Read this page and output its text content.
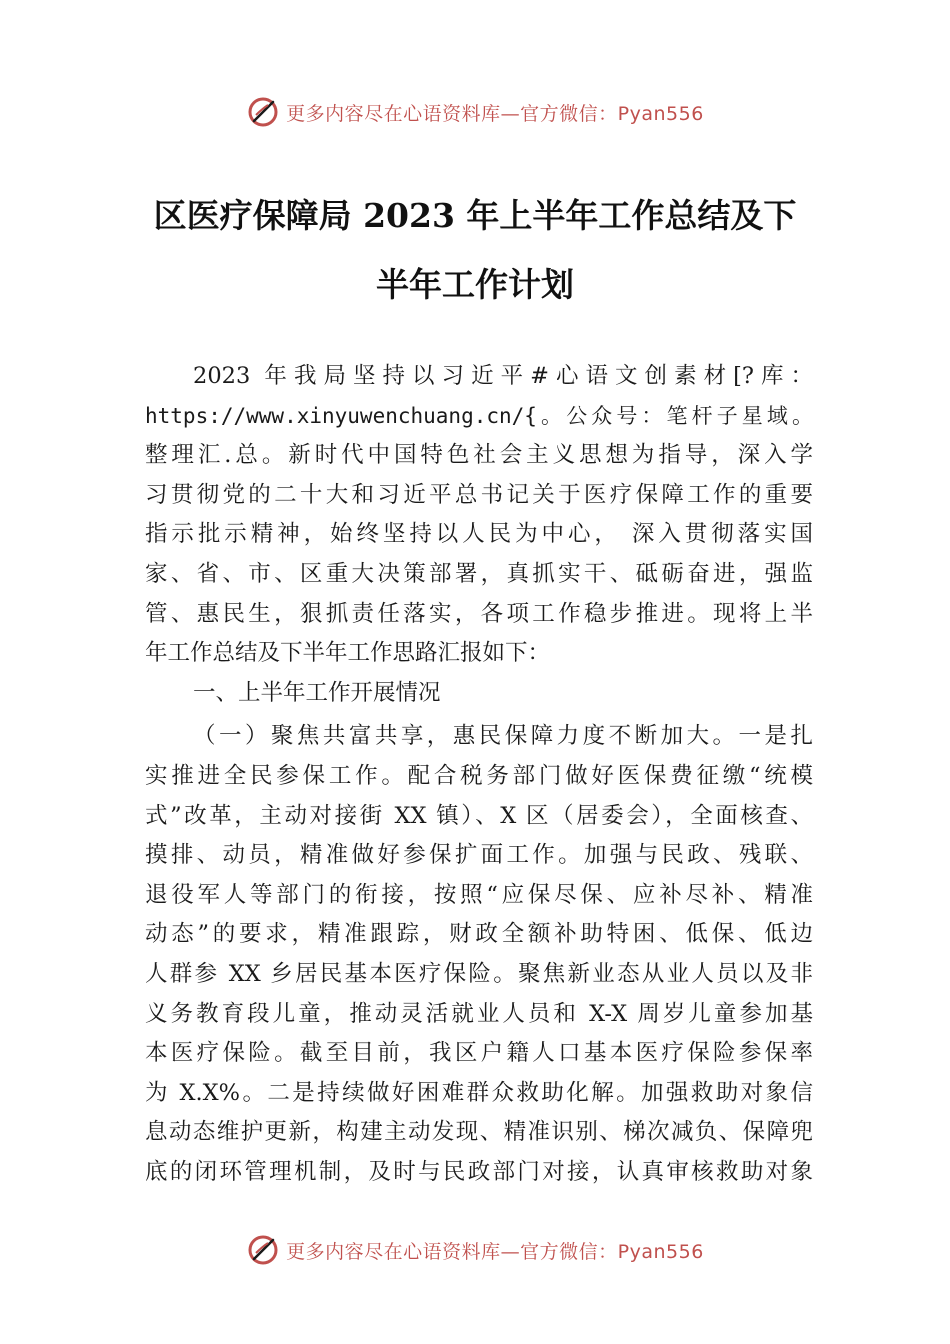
更多内容尽在心语资料库—官方微信：Pyan556
区医疗保障局 2023 年上半年工作总结及下
半年工作计划
2023 年我局坚持以习近平#心语文创素材[?库：
https://www.xinyuwenchuang.cn/{。公众号：笔杆子星域。
整理汇.总。新时代中国特色社会主义思想为指导，深入学
习贯彻党的二十大和习近平总书记关于医疗保障工作的重要
指示批示精神，始终坚持以人民为中心， 深入贯彻落实国
家、省、市、区重大决策部署，真抓实干、砥砺奋进，强监
管、惠民生，狠抓责任落实，各项工作稳步推进。现将上半
年工作总结及下半年工作思路汇报如下：
一、上半年工作开展情况
（一）聚焦共富共享，惠民保障力度不断加大。一是扎
实推进全民参保工作。配合税务部门做好医保费征缴“统模
式”改革，主动对接街 XX 镇）、X 区（居委会），全面核查、
摸排、动员，精准做好参保扩面工作。加强与民政、残联、
退役军人等部门的衔接，按照“应保尽保、应补尽补、精准
动态”的要求，精准跟踪，财政全额补助特困、低保、低边
人群参 XX 乡居民基本医疗保险。聚焦新业态从业人员以及非
义务教育段儿童，推动灵活就业人员和 X-X 周岁儿童参加基
本医疗保险。截至目前，我区户籍人口基本医疗保险参保率
为 X.X%。二是持续做好困难群众救助化解。加强救助对象信
息动态维护更新，构建主动发现、精准识别、梯次减负、保障兜
底的闭环管理机制，及时与民政部门对接，认真审核救助对象
更多内容尽在心语资料库—官方微信：Pyan556
